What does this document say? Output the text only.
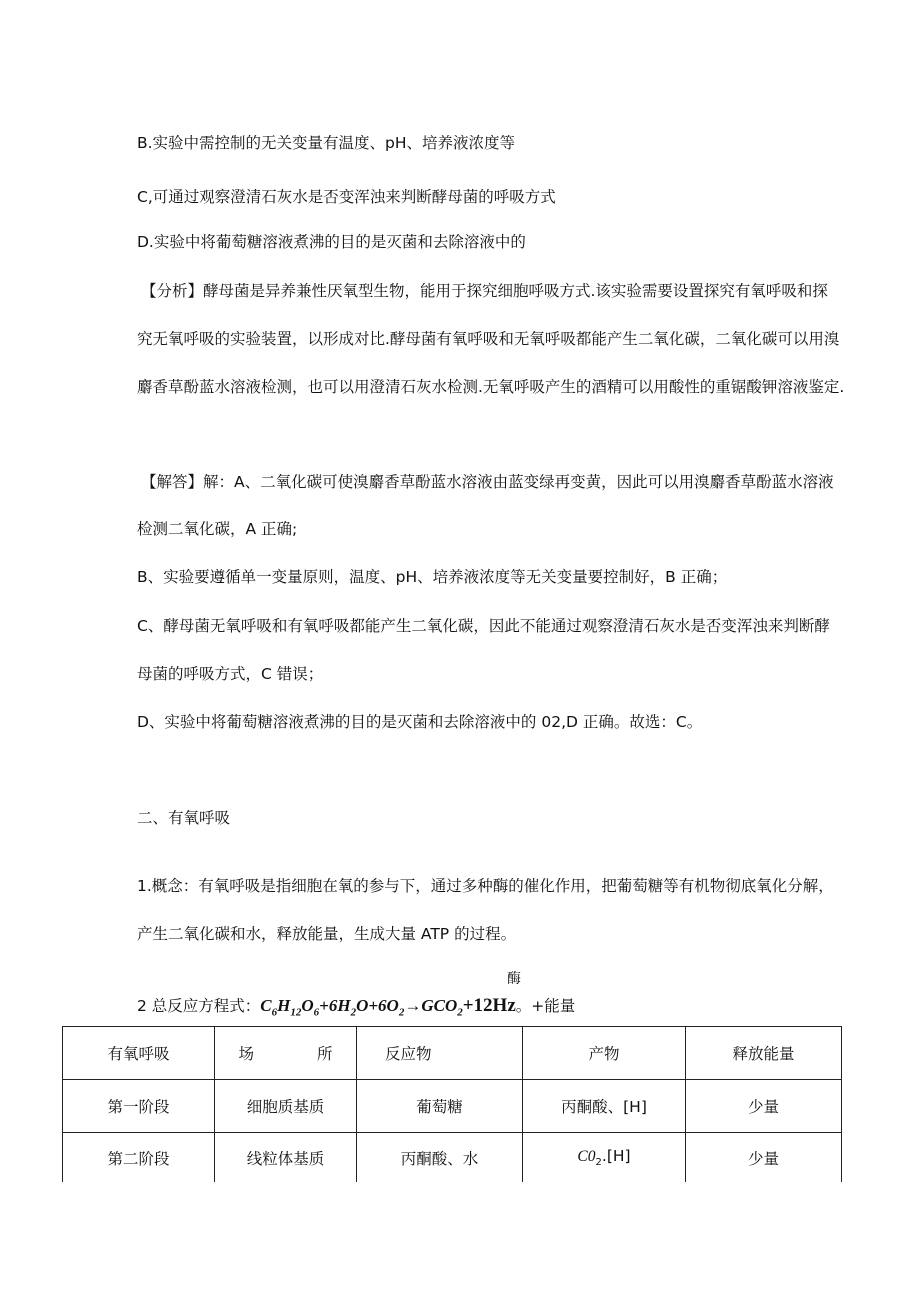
B.实验中需控制的无关变量有温度、pH、培养液浓度等
C,可通过观察澄清石灰水是否变浑浊来判断酵母菌的呼吸方式
D.实验中将葡萄糖溶液煮沸的目的是灭菌和去除溶液中的
【分析】酵母菌是异养兼性厌氧型生物，能用于探究细胞呼吸方式.该实验需要设置探究有氧呼吸和探
究无氧呼吸的实验装置，以形成对比.酵母菌有氧呼吸和无氧呼吸都能产生二氧化碳，二氧化碳可以用溴
麝香草酚蓝水溶液检测，也可以用澄清石灰水检测.无氧呼吸产生的酒精可以用酸性的重锯酸钾溶液鉴定.
【解答】解：A、二氧化碳可使溴麝香草酚蓝水溶液由蓝变绿再变黄，因此可以用溴麝香草酚蓝水溶液
检测二氧化碳，A 正确;
B、实验要遵循单一变量原则，温度、pH、培养液浓度等无关变量要控制好，B 正确；
C、酵母菌无氧呼吸和有氧呼吸都能产生二氧化碳，因此不能通过观察澄清石灰水是否变浑浊来判断酵
母菌的呼吸方式，C 错误；
D、实验中将葡萄糖溶液煮沸的目的是灭菌和去除溶液中的 02,D 正确。故选：C。
二、有氧呼吸
1.概念：有氧呼吸是指细胞在氧的参与下，通过多种酶的催化作用，把葡萄糖等有机物彻底氧化分解，
产生二氧化碳和水，释放能量，生成大量 ATP 的过程。
酶
2 总反应方程式：$C_6H_{12}O_6+6H_2O+6O_2\to GCO_2+12Hz$。+能量
有氧呼吸	场 所	反应物	产物	释放能量
第一阶段	细胞质基质	葡萄糖	丙酮酸、[H]	少量
第二阶段	线粒体基质	丙酮酸、水	$C0_2.[H]$	少量
